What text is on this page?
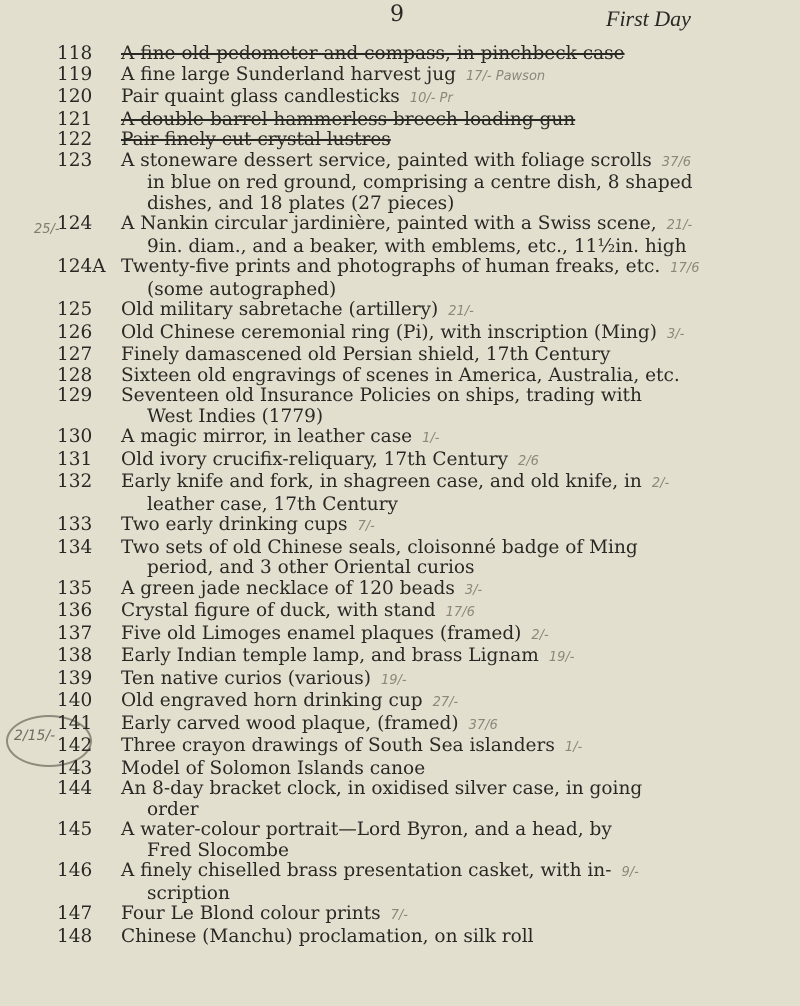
9	First Day
25/-
2/15/-
118	A fine old pedometer and compass, in pinchbeck case
119	A fine large Sunderland harvest jug 17/- Pawson
120	Pair quaint glass candlesticks 10/- Pr
121	A double-barrel hammerless breech-loading gun
122	Pair finely cut crystal lustres
123	A stoneware dessert service, painted with foliage scrolls 37/6
in blue on red ground, comprising a centre dish, 8 shaped
dishes, and 18 plates (27 pieces)
124	A Nankin circular jardinière, painted with a Swiss scene, 21/-
9in. diam., and a beaker, with emblems, etc., 11½in. high
124A Twenty-five prints and photographs of human freaks, etc. 17/6
(some autographed)
125	Old military sabretache (artillery) 21/-
126	Old Chinese ceremonial ring (Pi), with inscription (Ming) 3/-
127	Finely damascened old Persian shield, 17th Century
128	Sixteen old engravings of scenes in America, Australia, etc.
129	Seventeen old Insurance Policies on ships, trading with
West Indies (1779)
130	A magic mirror, in leather case 1/-
131	Old ivory crucifix-reliquary, 17th Century 2/6
132	Early knife and fork, in shagreen case, and old knife, in 2/-
leather case, 17th Century
133	Two early drinking cups 7/-
134	Two sets of old Chinese seals, cloisonné badge of Ming
period, and 3 other Oriental curios
135	A green jade necklace of 120 beads 3/-
136	Crystal figure of duck, with stand 17/6
137	Five old Limoges enamel plaques (framed) 2/-
138	Early Indian temple lamp, and brass Lignam 19/-
139	Ten native curios (various) 19/-
140	Old engraved horn drinking cup 27/-
141	Early carved wood plaque, (framed) 37/6
142	Three crayon drawings of South Sea islanders 1/-
143	Model of Solomon Islands canoe
144	An 8-day bracket clock, in oxidised silver case, in going
order
145	A water-colour portrait—Lord Byron, and a head, by
Fred Slocombe
146	A finely chiselled brass presentation casket, with in- 9/-
scription
147	Four Le Blond colour prints 7/-
148	Chinese (Manchu) proclamation, on silk roll
